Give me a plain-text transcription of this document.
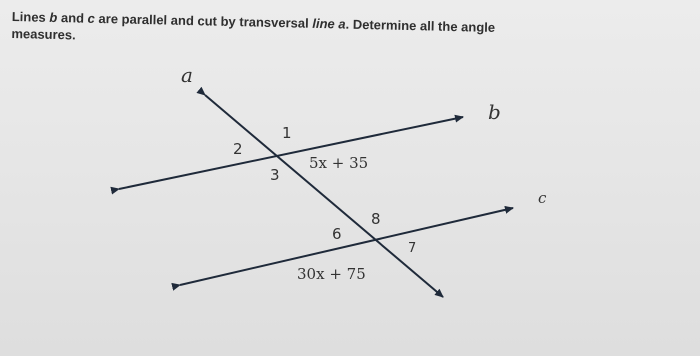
Lines b and c are parallel and cut by transversal line a. Determine all the angle
measures.
a
b
c
1
2
3
6
7
8
5x + 35
30x + 75
